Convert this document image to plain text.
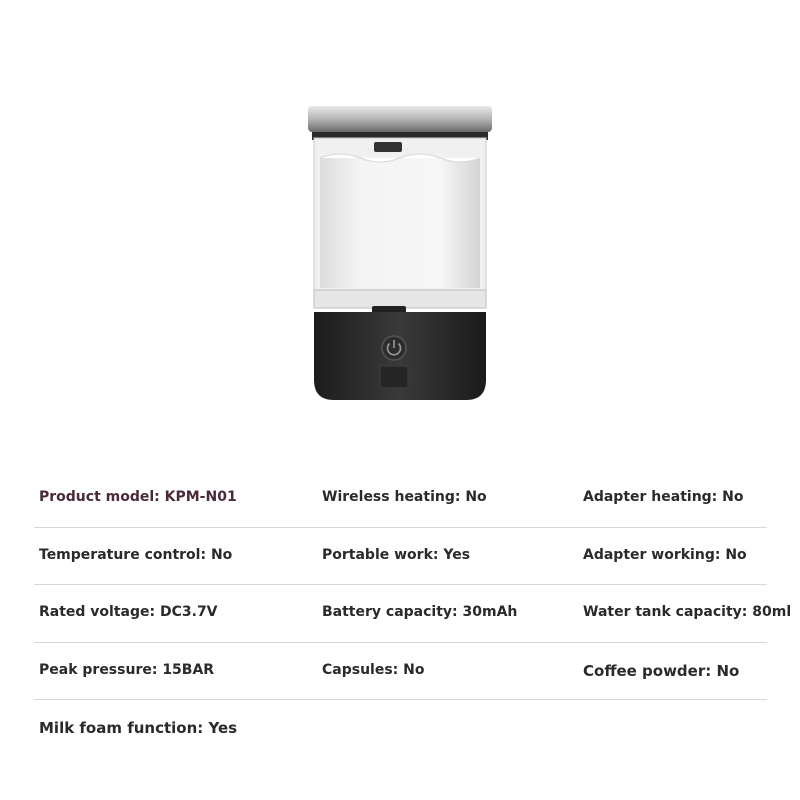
Product model: KPM-N01	Wireless heating: No	Adapter heating: No
Temperature control: No	Portable work: Yes	Adapter working: No
Rated voltage: DC3.7V	Battery capacity: 30mAh	Water tank capacity: 80ml
Peak pressure: 15BAR	Capsules: No	Coffee powder: No
Milk foam function: Yes
